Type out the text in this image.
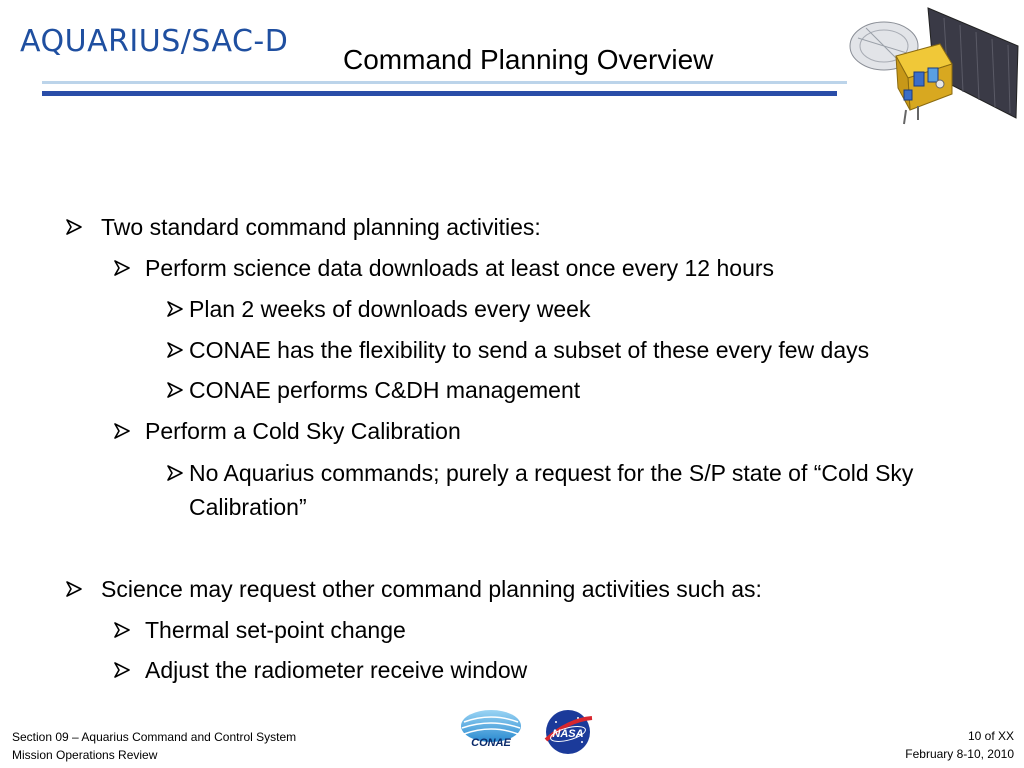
AQUARIUS/SAC-D
Command Planning Overview
Two standard command planning activities:
Perform science data downloads at least once every 12 hours
Plan 2 weeks of downloads every week
CONAE has the flexibility to send a subset of these every few days
CONAE performs C&DH management
Perform a Cold Sky Calibration
No Aquarius commands; purely a request for the S/P state of “Cold Sky Calibration”
Science may request other command planning activities such as:
Thermal set-point change
Adjust the radiometer receive window
Section 09 – Aquarius Command and Control System
Mission Operations Review
CONAE
NASA	10 of XX
February 8-10, 2010
